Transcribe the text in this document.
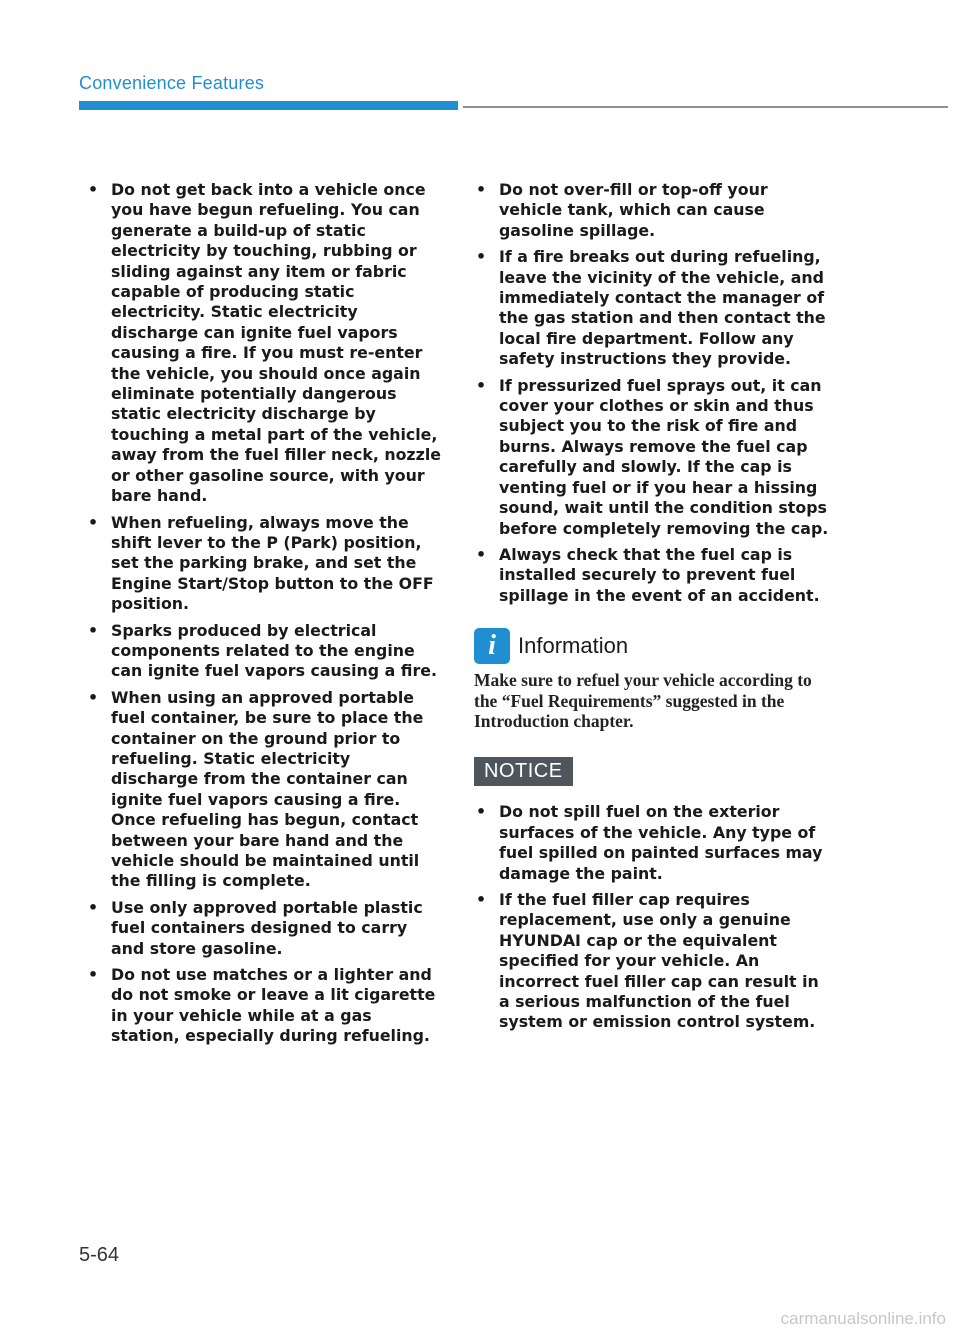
Convenience Features
• Do not get back into a vehicle once you have begun refueling. You can generate a build-up of static electricity by touching, rubbing or sliding against any item or fabric capable of producing static electricity. Static electricity discharge can ignite fuel vapors causing a fire. If you must re-enter the vehicle, you should once again eliminate potentially dangerous static electricity discharge by touching a metal part of the vehicle, away from the fuel filler neck, nozzle or other gasoline source, with your bare hand.
• When refueling, always move the shift lever to the P (Park) position, set the parking brake, and set the Engine Start/Stop button to the OFF position.
• Sparks produced by electrical components related to the engine can ignite fuel vapors causing a fire.
• When using an approved portable fuel container, be sure to place the container on the ground prior to refueling. Static electricity discharge from the container can ignite fuel vapors causing a fire. Once refueling has begun, contact between your bare hand and the vehicle should be maintained until the filling is complete.
• Use only approved portable plastic fuel containers designed to carry and store gasoline.
• Do not use matches or a lighter and do not smoke or leave a lit cigarette in your vehicle while at a gas station, especially during refueling.
• Do not over-fill or top-off your vehicle tank, which can cause gasoline spillage.
• If a fire breaks out during refueling, leave the vicinity of the vehicle, and immediately contact the manager of the gas station and then contact the local fire department. Follow any safety instructions they provide.
• If pressurized fuel sprays out, it can cover your clothes or skin and thus subject you to the risk of fire and burns. Always remove the fuel cap carefully and slowly. If the cap is venting fuel or if you hear a hissing sound, wait until the condition stops before completely removing the cap.
• Always check that the fuel cap is installed securely to prevent fuel spillage in the event of an accident.
i	Information
Make sure to refuel your vehicle according to the “Fuel Requirements” suggested in the Introduction chapter.
NOTICE
• Do not spill fuel on the exterior surfaces of the vehicle. Any type of fuel spilled on painted surfaces may damage the paint.
• If the fuel filler cap requires replacement, use only a genuine HYUNDAI cap or the equivalent specified for your vehicle. An incorrect fuel filler cap can result in a serious malfunction of the fuel system or emission control system.
5-64
carmanualsonline.info
